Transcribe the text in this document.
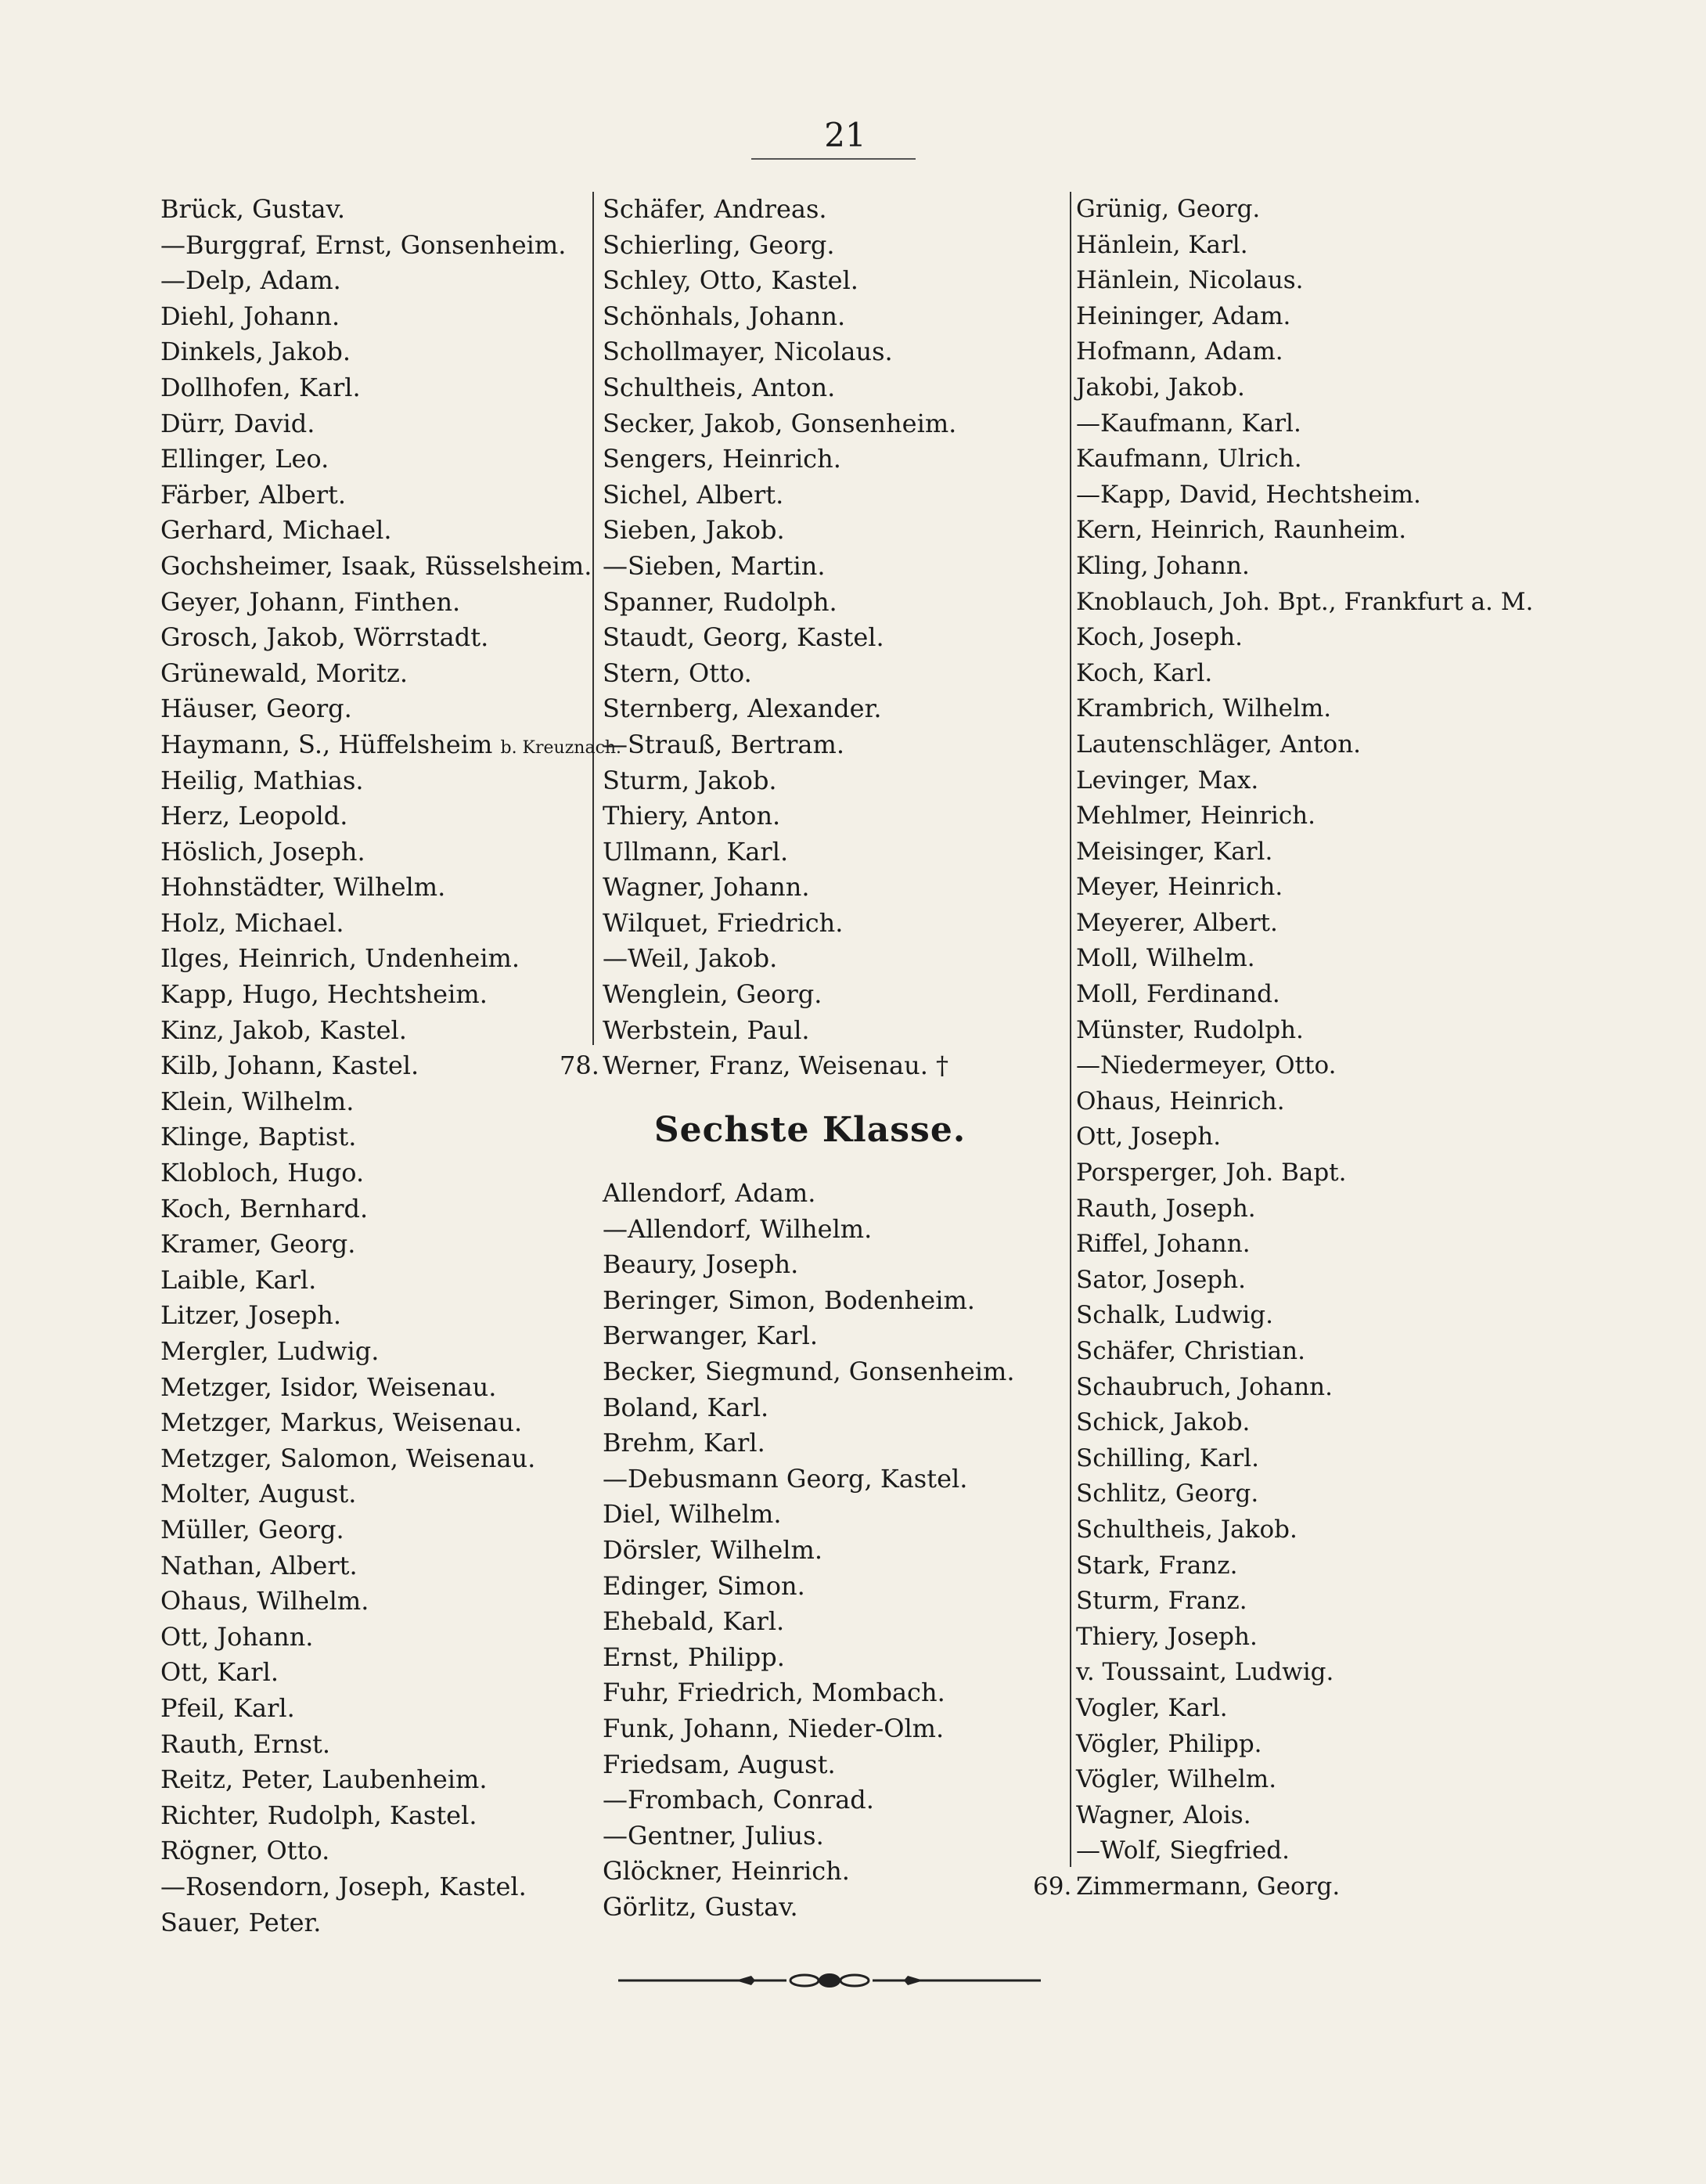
21
Brück, Gustav.
—Burggraf, Ernst, Gonsenheim.
—Delp, Adam.
Diehl, Johann.
Dinkels, Jakob.
Dollhofen, Karl.
Dürr, David.
Ellinger, Leo.
Färber, Albert.
Gerhard, Michael.
Gochsheimer, Isaak, Rüsselsheim.
Geyer, Johann, Finthen.
Grosch, Jakob, Wörrstadt.
Grünewald, Moritz.
Häuser, Georg.
Haymann, S., Hüffelsheim b. Kreuznach.
Heilig, Mathias.
Herz, Leopold.
Höslich, Joseph.
Hohnstädter, Wilhelm.
Holz, Michael.
Ilges, Heinrich, Undenheim.
Kapp, Hugo, Hechtsheim.
Kinz, Jakob, Kastel.
Kilb, Johann, Kastel.
Klein, Wilhelm.
Klinge, Baptist.
Klobloch, Hugo.
Koch, Bernhard.
Kramer, Georg.
Laible, Karl.
Litzer, Joseph.
Mergler, Ludwig.
Metzger, Isidor, Weisenau.
Metzger, Markus, Weisenau.
Metzger, Salomon, Weisenau.
Molter, August.
Müller, Georg.
Nathan, Albert.
Ohaus, Wilhelm.
Ott, Johann.
Ott, Karl.
Pfeil, Karl.
Rauth, Ernst.
Reitz, Peter, Laubenheim.
Richter, Rudolph, Kastel.
Rögner, Otto.
—Rosendorn, Joseph, Kastel.
Sauer, Peter.
Schäfer, Andreas.
Schierling, Georg.
Schley, Otto, Kastel.
Schönhals, Johann.
Schollmayer, Nicolaus.
Schultheis, Anton.
Secker, Jakob, Gonsenheim.
Sengers, Heinrich.
Sichel, Albert.
Sieben, Jakob.
—Sieben, Martin.
Spanner, Rudolph.
Staudt, Georg, Kastel.
Stern, Otto.
Sternberg, Alexander.
—Strauß, Bertram.
Sturm, Jakob.
Thiery, Anton.
Ullmann, Karl.
Wagner, Johann.
Wilquet, Friedrich.
—Weil, Jakob.
Wenglein, Georg.
Werbstein, Paul.
78. Werner, Franz, Weisenau. †
Sechste Klasse.
Allendorf, Adam.
—Allendorf, Wilhelm.
Beaury, Joseph.
Beringer, Simon, Bodenheim.
Berwanger, Karl.
Becker, Siegmund, Gonsenheim.
Boland, Karl.
Brehm, Karl.
—Debusmann Georg, Kastel.
Diel, Wilhelm.
Dörsler, Wilhelm.
Edinger, Simon.
Ehebald, Karl.
Ernst, Philipp.
Fuhr, Friedrich, Mombach.
Funk, Johann, Nieder-Olm.
Friedsam, August.
—Frombach, Conrad.
—Gentner, Julius.
Glöckner, Heinrich.
Görlitz, Gustav.
Grünig, Georg.
Hänlein, Karl.
Hänlein, Nicolaus.
Heininger, Adam.
Hofmann, Adam.
Jakobi, Jakob.
—Kaufmann, Karl.
Kaufmann, Ulrich.
—Kapp, David, Hechtsheim.
Kern, Heinrich, Raunheim.
Kling, Johann.
Knoblauch, Joh. Bpt., Frankfurt a. M.
Koch, Joseph.
Koch, Karl.
Krambrich, Wilhelm.
Lautenschläger, Anton.
Levinger, Max.
Mehlmer, Heinrich.
Meisinger, Karl.
Meyer, Heinrich.
Meyerer, Albert.
Moll, Wilhelm.
Moll, Ferdinand.
Münster, Rudolph.
—Niedermeyer, Otto.
Ohaus, Heinrich.
Ott, Joseph.
Porsperger, Joh. Bapt.
Rauth, Joseph.
Riffel, Johann.
Sator, Joseph.
Schalk, Ludwig.
Schäfer, Christian.
Schaubruch, Johann.
Schick, Jakob.
Schilling, Karl.
Schlitz, Georg.
Schultheis, Jakob.
Stark, Franz.
Sturm, Franz.
Thiery, Joseph.
v. Toussaint, Ludwig.
Vogler, Karl.
Vögler, Philipp.
Vögler, Wilhelm.
Wagner, Alois.
—Wolf, Siegfried.
69. Zimmermann, Georg.
